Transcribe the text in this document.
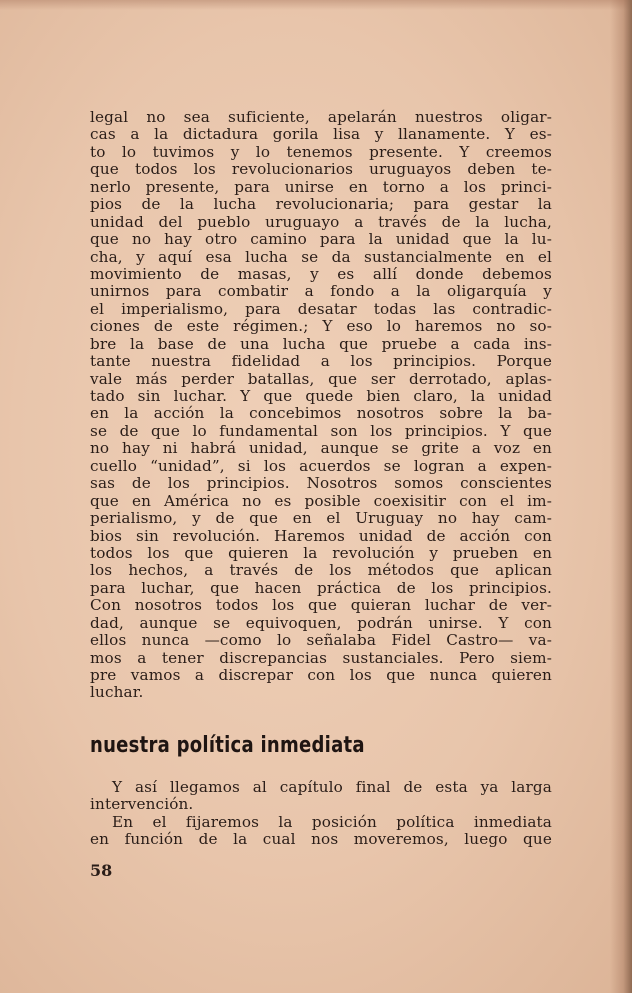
legal no sea suficiente, apelarán nuestros oligar-
cas a la dictadura gorila lisa y llanamente. Y es-
to lo tuvimos y lo tenemos presente. Y creemos
que todos los revolucionarios uruguayos deben te-
nerlo presente, para unirse en torno a los princi-
pios de la lucha revolucionaria; para gestar la
unidad del pueblo uruguayo a través de la lucha,
que no hay otro camino para la unidad que la lu-
cha, y aquí esa lucha se da sustancialmente en el
movimiento de masas, y es allí donde debemos
unirnos para combatir a fondo a la oligarquía y
el imperialismo, para desatar todas las contradic-
ciones de este régimen.; Y eso lo haremos no so-
bre la base de una lucha que pruebe a cada ins-
tante nuestra fidelidad a los principios. Porque
vale más perder batallas, que ser derrotado, aplas-
tado sin luchar. Y que quede bien claro, la unidad
en la acción la concebimos nosotros sobre la ba-
se de que lo fundamental son los principios. Y que
no hay ni habrá unidad, aunque se grite a voz en
cuello “unidad”, si los acuerdos se logran a expen-
sas de los principios. Nosotros somos conscientes
que en América no es posible coexisitir con el im-
perialismo, y de que en el Uruguay no hay cam-
bios sin revolución. Haremos unidad de acción con
todos los que quieren la revolución y prueben en
los hechos, a través de los métodos que aplican
para luchar, que hacen práctica de los principios.
Con nosotros todos los que quieran luchar de ver-
dad, aunque se equivoquen, podrán unirse. Y con
ellos nunca —como lo señalaba Fidel Castro— va-
mos a tener discrepancias sustanciales. Pero siem-
pre vamos a discrepar con los que nunca quieren
luchar.
nuestra política inmediata
Y así llegamos al capítulo final de esta ya larga
intervención.
En el fijaremos la posición política inmediata
en función de la cual nos moveremos, luego que
58
